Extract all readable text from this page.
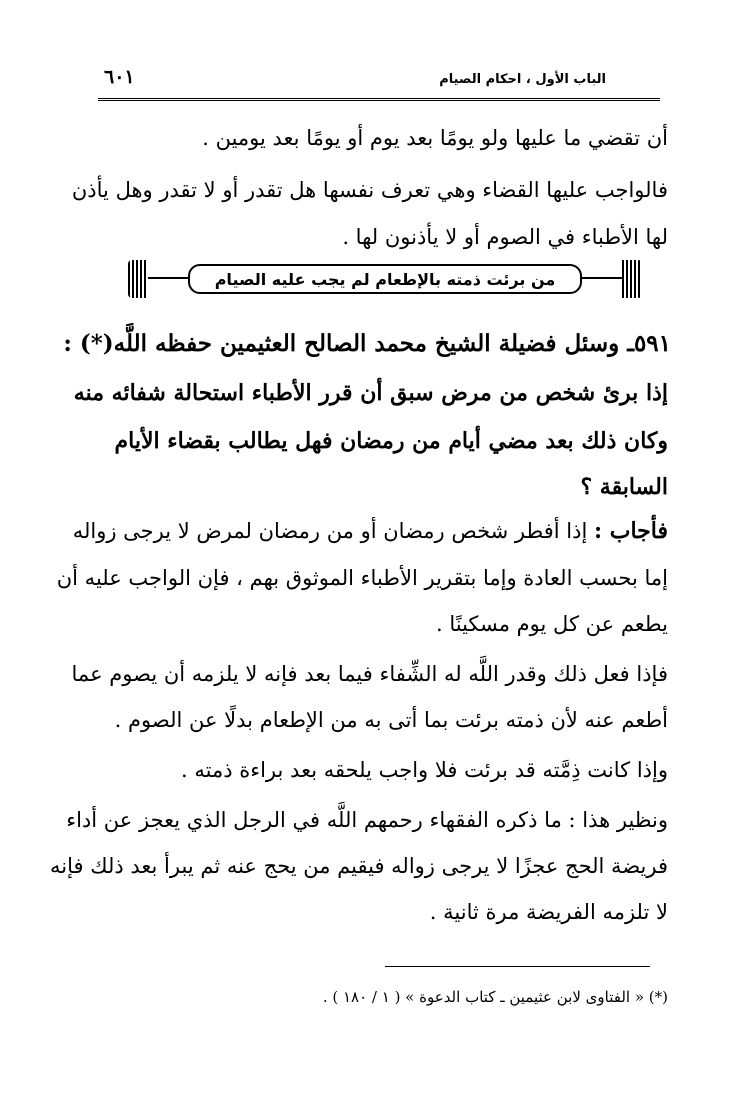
الباب الأول ، احكام الصيام
٦٠١
أن تقضي ما عليها ولو يومًا بعد يوم أو يومًا بعد يومين .
فالواجب عليها القضاء وهي تعرف نفسها هل تقدر أو لا تقدر وهل يأذن
لها الأطباء في الصوم أو لا يأذنون لها .
من برئت ذمته بالإطعام لم يجب عليه الصيام
٥٩١ـ وسئل فضيلة الشيخ محمد الصالح العثيمين حفظه اللَّه(*) :
إذا برئ شخص من مرض سبق أن قرر الأطباء استحالة شفائه منه
وكان ذلك بعد مضي أيام من رمضان فهل يطالب بقضاء الأيام
السابقة ؟
فأجاب : إذا أفطر شخص رمضان أو من رمضان لمرض لا يرجى زواله
إما بحسب العادة وإما بتقرير الأطباء الموثوق بهم ، فإن الواجب عليه أن
يطعم عن كل يوم مسكينًا .
فإذا فعل ذلك وقدر اللَّه له الشِّفاء فيما بعد فإنه لا يلزمه أن يصوم عما
أطعم عنه لأن ذمته برئت بما أتى به من الإطعام بدلًا عن الصوم .
وإذا كانت ذِمَّته قد برئت فلا واجب يلحقه بعد براءة ذمته .
ونظير هذا : ما ذكره الفقهاء رحمهم اللَّه في الرجل الذي يعجز عن أداء
فريضة الحج عجزًا لا يرجى زواله فيقيم من يحج عنه ثم يبرأ بعد ذلك فإنه
لا تلزمه الفريضة مرة ثانية .
(*) « الفتاوى لابن عثيمين ـ كتاب الدعوة » ( ١ / ١٨٠ ) .
